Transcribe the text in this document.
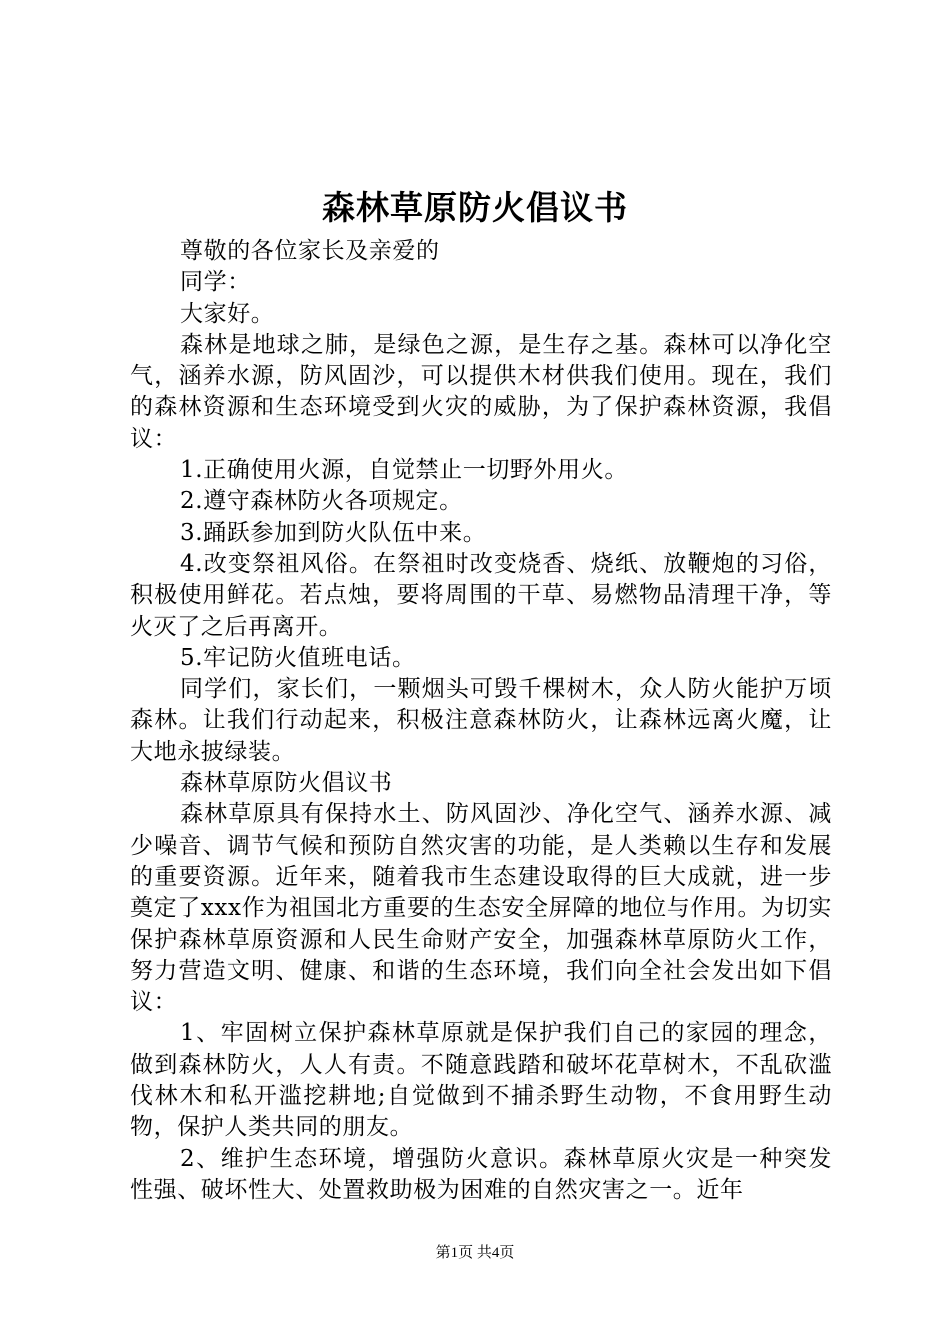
森林草原防火倡议书

尊敬的各位家长及亲爱的

同学：

大家好。

森林是地球之肺，是绿色之源，是生存之基。森林可以净化空气，涵养水源，防风固沙，可以提供木材供我们使用。现在，我们的森林资源和生态环境受到火灾的威胁，为了保护森林资源，我倡议：

1.正确使用火源，自觉禁止一切野外用火。

2.遵守森林防火各项规定。

3.踊跃参加到防火队伍中来。

4.改变祭祖风俗。在祭祖时改变烧香、烧纸、放鞭炮的习俗，积极使用鲜花。若点烛，要将周围的干草、易燃物品清理干净，等火灭了之后再离开。

5.牢记防火值班电话。

同学们，家长们，一颗烟头可毁千棵树木，众人防火能护万顷森林。让我们行动起来，积极注意森林防火，让森林远离火魔，让大地永披绿装。

森林草原防火倡议书

森林草原具有保持水土、防风固沙、净化空气、涵养水源、减少噪音、调节气候和预防自然灾害的功能，是人类赖以生存和发展的重要资源。近年来，随着我市生态建设取得的巨大成就，进一步奠定了xxx作为祖国北方重要的生态安全屏障的地位与作用。为切实保护森林草原资源和人民生命财产安全，加强森林草原防火工作，努力营造文明、健康、和谐的生态环境，我们向全社会发出如下倡议：

1、牢固树立保护森林草原就是保护我们自己的家园的理念，做到森林防火，人人有责。不随意践踏和破坏花草树木，不乱砍滥伐林木和私开滥挖耕地;自觉做到不捕杀野生动物，不食用野生动物，保护人类共同的朋友。

2、维护生态环境，增强防火意识。森林草原火灾是一种突发性强、破坏性大、处置救助极为困难的自然灾害之一。近年

第1页 共4页
